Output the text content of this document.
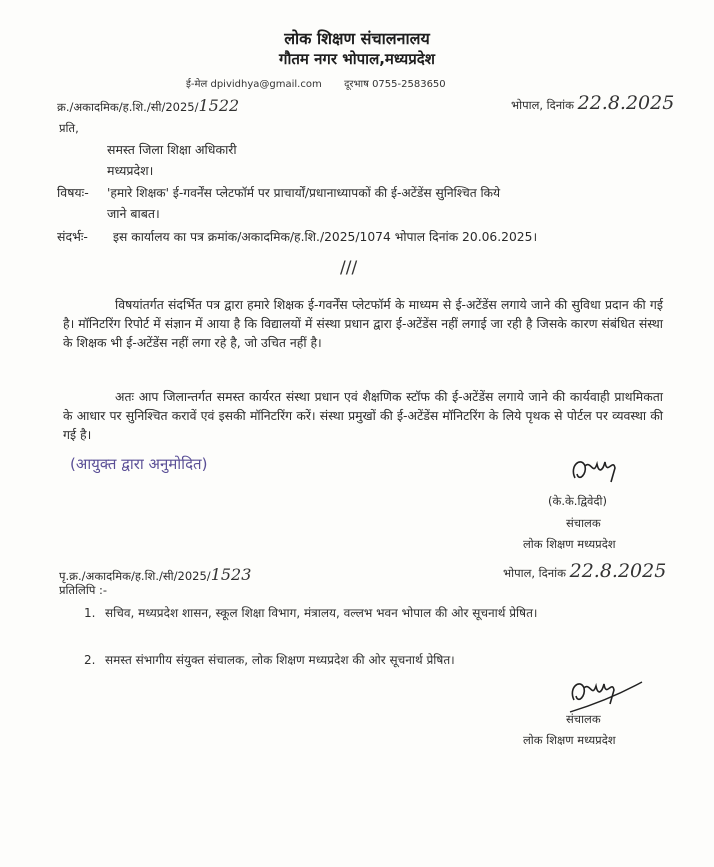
लोक शिक्षण संचालनालय
गौतम नगर भोपाल,मध्यप्रदेश
ई-मेल dpividhya@gmail.com दूरभाष 0755-2583650
क्र./अकादमिक/ह.शि./सी/2025/1522	भोपाल, दिनांक 22.8.2025
प्रति,
समस्त जिला शिक्षा अधिकारी
मध्यप्रदेश।
विषयः- 'हमारे शिक्षक' ई-गवर्नेंस प्लेटफॉर्म पर प्राचार्यों/प्रधानाध्यापकों की ई-अटेंडेंस सुनिश्चित किये
जाने बाबत।
संदर्भः- इस कार्यालय का पत्र क्रमांक/अकादमिक/ह.शि./2025/1074 भोपाल दिनांक 20.06.2025।
///
विषयांतर्गत संदर्भित पत्र द्वारा हमारे शिक्षक ई-गवर्नेंस प्लेटफॉर्म के माध्यम से ई-अटेंडेंस लगाये जाने की सुविधा प्रदान की गई है। मॉनिटरिंग रिपोर्ट में संज्ञान में आया है कि विद्यालयों में संस्था प्रधान द्वारा ई-अटेंडेंस नहीं लगाई जा रही है जिसके कारण संबंधित संस्था के शिक्षक भी ई-अटेंडेंस नहीं लगा रहे है, जो उचित नहीं है।
अतः आप जिलान्तर्गत समस्त कार्यरत संस्था प्रधान एवं शैक्षणिक स्टॉफ की ई-अटेंडेंस लगाये जाने की कार्यवाही प्राथमिकता के आधार पर सुनिश्चित करावें एवं इसकी मॉनिटरिंग करें। संस्था प्रमुखों की ई-अटेंडेंस मॉनिटरिंग के लिये पृथक से पोर्टल पर व्यवस्था की गई है।
(आयुक्त द्वारा अनुमोदित)
(के.के.द्विवेदी)
संचालक
लोक शिक्षण मध्यप्रदेश
पृ.क्र./अकादमिक/ह.शि./सी/2025/1523	भोपाल, दिनांक 22.8.2025
प्रतिलिपि :-
1. सचिव, मध्यप्रदेश शासन, स्कूल शिक्षा विभाग, मंत्रालय, वल्लभ भवन भोपाल की ओर सूचनार्थ प्रेषित।
2. समस्त संभागीय संयुक्त संचालक, लोक शिक्षण मध्यप्रदेश की ओर सूचनार्थ प्रेषित।
संचालक
लोक शिक्षण मध्यप्रदेश
